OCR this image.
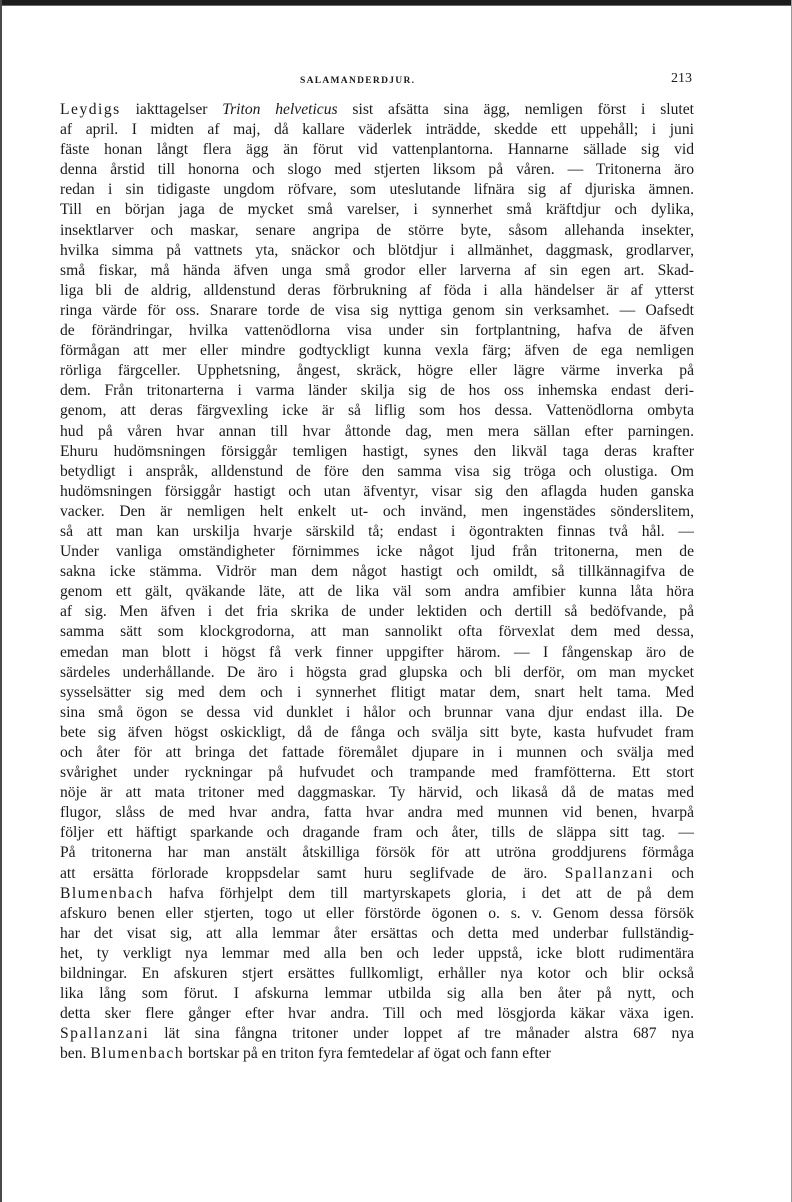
SALAMANDERDJUR.	213
Leydigs iakttagelser Triton helveticus sist afsätta sina ägg, nemligen först i slutet
af april. I midten af maj, då kallare väderlek inträdde, skedde ett uppehåll; i juni
fäste honan långt flera ägg än förut vid vattenplantorna. Hannarne sällade sig vid
denna årstid till honorna och slogo med stjerten liksom på våren. — Tritonerna äro
redan i sin tidigaste ungdom röfvare, som uteslutande lifnära sig af djuriska ämnen.
Till en början jaga de mycket små varelser, i synnerhet små kräftdjur och dylika,
insektlarver och maskar, senare angripa de större byte, såsom allehanda insekter,
hvilka simma på vattnets yta, snäckor och blötdjur i allmänhet, daggmask, grodlarver,
små fiskar, må hända äfven unga små grodor eller larverna af sin egen art. Skad-
liga bli de aldrig, alldenstund deras förbrukning af föda i alla händelser är af ytterst
ringa värde för oss. Snarare torde de visa sig nyttiga genom sin verksamhet. — Oafsedt
de förändringar, hvilka vattenödlorna visa under sin fortplantning, hafva de äfven
förmågan att mer eller mindre godtyckligt kunna vexla färg; äfven de ega nemligen
rörliga färgceller. Upphetsning, ångest, skräck, högre eller lägre värme inverka på
dem. Från tritonarterna i varma länder skilja sig de hos oss inhemska endast deri-
genom, att deras färgvexling icke är så liflig som hos dessa. Vattenödlorna ombyta
hud på våren hvar annan till hvar åttonde dag, men mera sällan efter parningen.
Ehuru hudömsningen försiggår temligen hastigt, synes den likväl taga deras krafter
betydligt i anspråk, alldenstund de före den samma visa sig tröga och olustiga. Om
hudömsningen försiggår hastigt och utan äfventyr, visar sig den aflagda huden ganska
vacker. Den är nemligen helt enkelt ut- och invänd, men ingenstädes sönderslitem,
så att man kan urskilja hvarje särskild tå; endast i ögontrakten finnas två hål. —
Under vanliga omständigheter förnimmes icke något ljud från tritonerna, men de
sakna icke stämma. Vidrör man dem något hastigt och omildt, så tillkännagifva de
genom ett gält, qväkande läte, att de lika väl som andra amfibier kunna låta höra
af sig. Men äfven i det fria skrika de under lektiden och dertill så bedöfvande, på
samma sätt som klockgrodorna, att man sannolikt ofta förvexlat dem med dessa,
emedan man blott i högst få verk finner uppgifter härom. — I fångenskap äro de
särdeles underhållande. De äro i högsta grad glupska och bli derför, om man mycket
sysselsätter sig med dem och i synnerhet flitigt matar dem, snart helt tama. Med
sina små ögon se dessa vid dunklet i hålor och brunnar vana djur endast illa. De
bete sig äfven högst oskickligt, då de fånga och svälja sitt byte, kasta hufvudet fram
och åter för att bringa det fattade föremålet djupare in i munnen och svälja med
svårighet under ryckningar på hufvudet och trampande med framfötterna. Ett stort
nöje är att mata tritoner med daggmaskar. Ty härvid, och likaså då de matas med
flugor, slåss de med hvar andra, fatta hvar andra med munnen vid benen, hvarpå
följer ett häftigt sparkande och dragande fram och åter, tills de släppa sitt tag. —
På tritonerna har man anstält åtskilliga försök för att utröna groddjurens förmåga
att ersätta förlorade kroppsdelar samt huru seglifvade de äro. Spallanzani och
Blumenbach hafva förhjelpt dem till martyrskapets gloria, i det att de på dem
afskuro benen eller stjerten, togo ut eller förstörde ögonen o. s. v. Genom dessa försök
har det visat sig, att alla lemmar åter ersättas och detta med underbar fullständig-
het, ty verkligt nya lemmar med alla ben och leder uppstå, icke blott rudimentära
bildningar. En afskuren stjert ersättes fullkomligt, erhåller nya kotor och blir också
lika lång som förut. I afskurna lemmar utbilda sig alla ben åter på nytt, och
detta sker flere gånger efter hvar andra. Till och med lösgjorda käkar växa igen.
Spallanzani lät sina fångna tritoner under loppet af tre månader alstra 687 nya
ben. Blumenbach bortskar på en triton fyra femtedelar af ögat och fann efter
